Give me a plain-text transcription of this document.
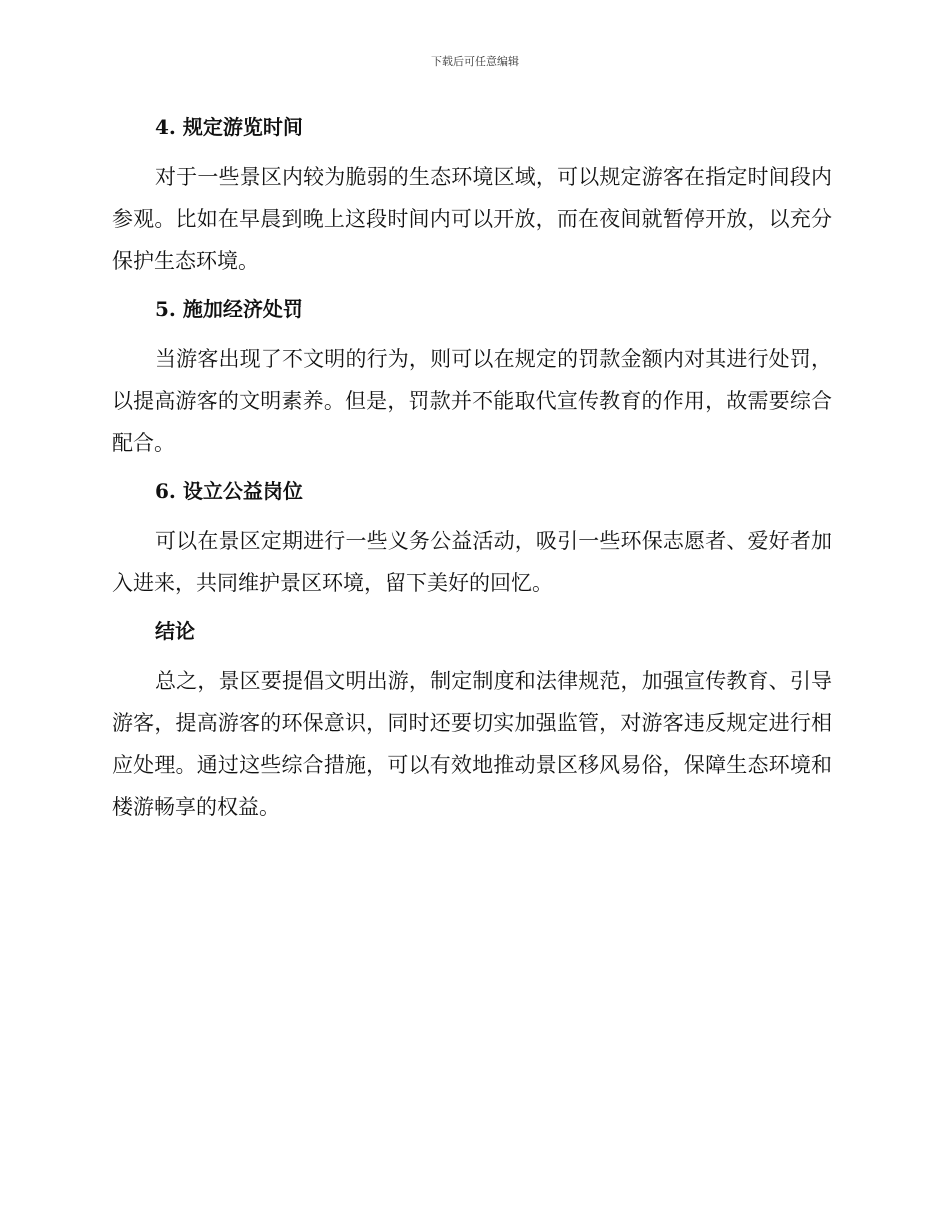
下载后可任意编辑
4. 规定游览时间

对于一些景区内较为脆弱的生态环境区域，可以规定游客在指定时间段内参观。比如在早晨到晚上这段时间内可以开放，而在夜间就暂停开放，以充分保护生态环境。

5. 施加经济处罚

当游客出现了不文明的行为，则可以在规定的罚款金额内对其进行处罚，以提高游客的文明素养。但是，罚款并不能取代宣传教育的作用，故需要综合配合。

6. 设立公益岗位

可以在景区定期进行一些义务公益活动，吸引一些环保志愿者、爱好者加入进来，共同维护景区环境，留下美好的回忆。

结论

总之，景区要提倡文明出游，制定制度和法律规范，加强宣传教育、引导游客，提高游客的环保意识，同时还要切实加强监管，对游客违反规定进行相应处理。通过这些综合措施，可以有效地推动景区移风易俗，保障生态环境和楼游畅享的权益。
